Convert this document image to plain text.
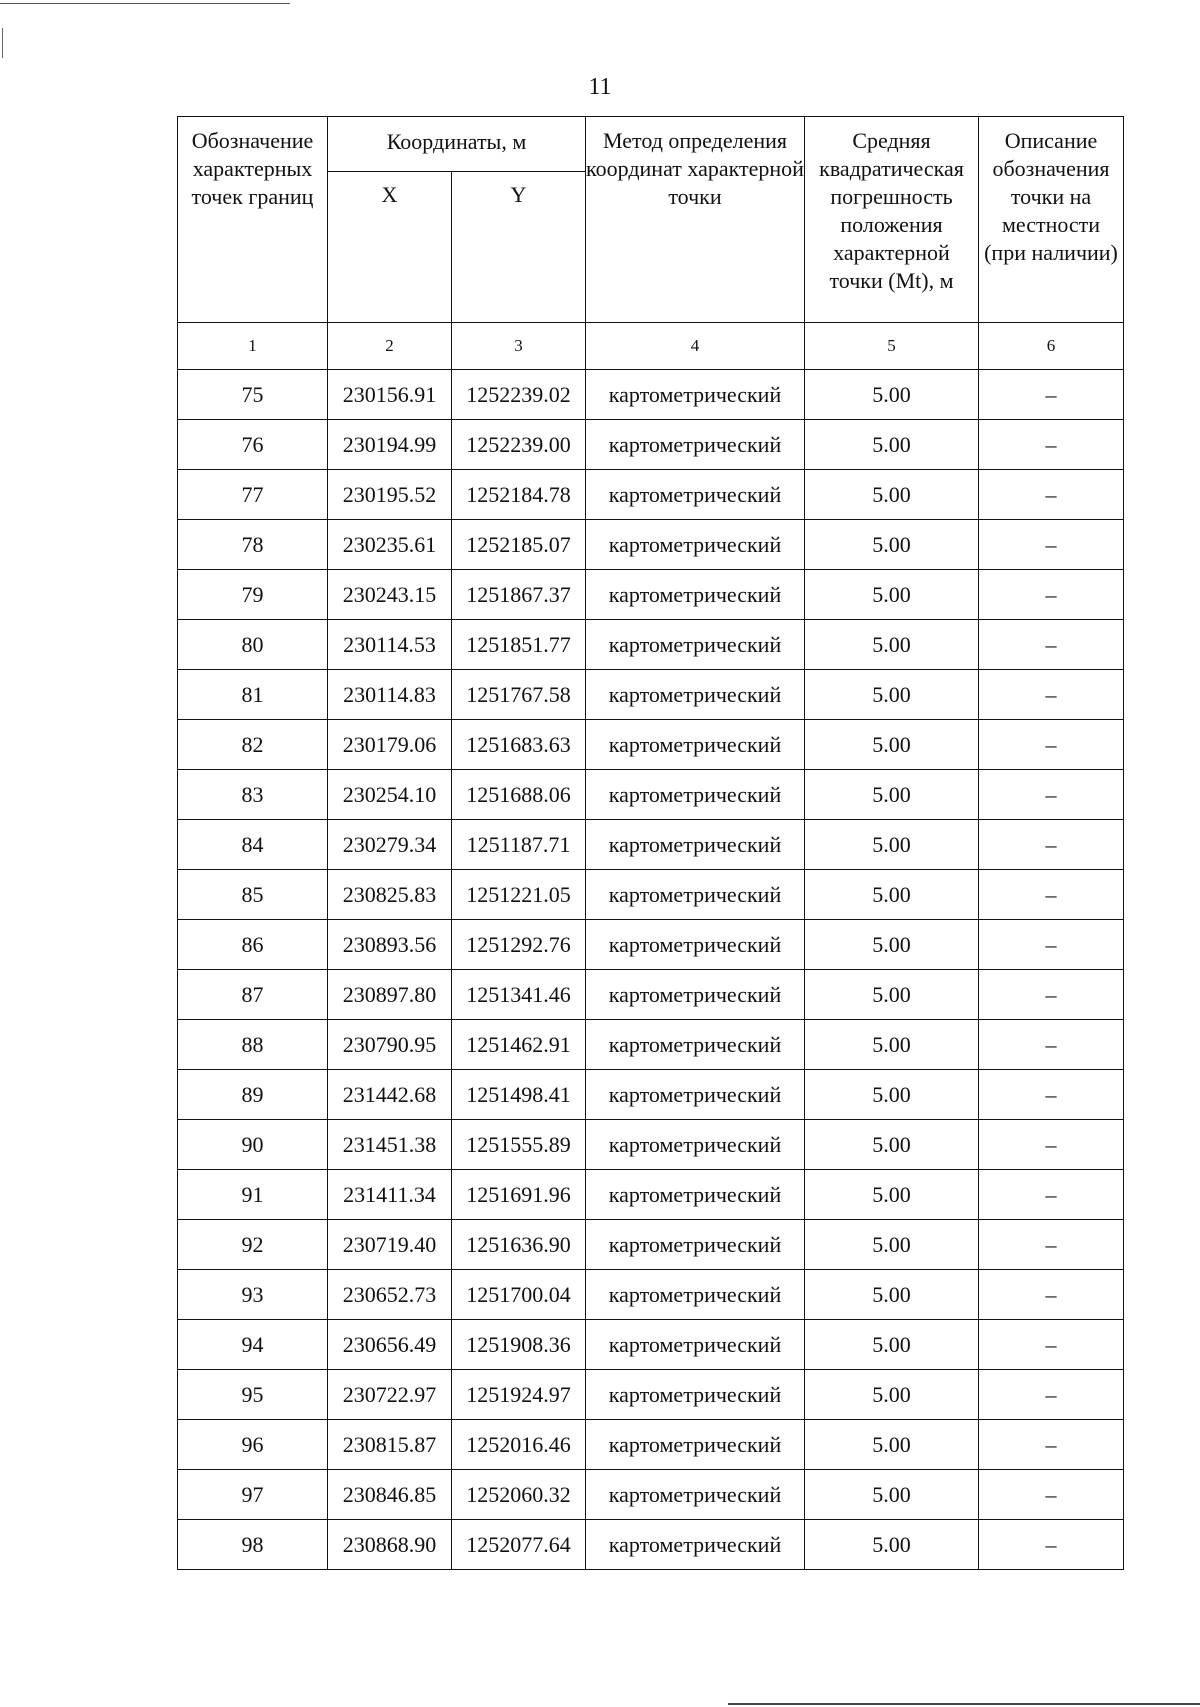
11
Обозначение характерных точек границ	Координаты, м		Метод определения координат характерной точки	Средняя квадратическая погрешность положения характерной точки (Mt), м	Описание обозначения точки на местности (при наличии)
	X	Y			
1	2	3	4	5	6
75	230156.91	1252239.02	картометрический	5.00	–
76	230194.99	1252239.00	картометрический	5.00	–
77	230195.52	1252184.78	картометрический	5.00	–
78	230235.61	1252185.07	картометрический	5.00	–
79	230243.15	1251867.37	картометрический	5.00	–
80	230114.53	1251851.77	картометрический	5.00	–
81	230114.83	1251767.58	картометрический	5.00	–
82	230179.06	1251683.63	картометрический	5.00	–
83	230254.10	1251688.06	картометрический	5.00	–
84	230279.34	1251187.71	картометрический	5.00	–
85	230825.83	1251221.05	картометрический	5.00	–
86	230893.56	1251292.76	картометрический	5.00	–
87	230897.80	1251341.46	картометрический	5.00	–
88	230790.95	1251462.91	картометрический	5.00	–
89	231442.68	1251498.41	картометрический	5.00	–
90	231451.38	1251555.89	картометрический	5.00	–
91	231411.34	1251691.96	картометрический	5.00	–
92	230719.40	1251636.90	картометрический	5.00	–
93	230652.73	1251700.04	картометрический	5.00	–
94	230656.49	1251908.36	картометрический	5.00	–
95	230722.97	1251924.97	картометрический	5.00	–
96	230815.87	1252016.46	картометрический	5.00	–
97	230846.85	1252060.32	картометрический	5.00	–
98	230868.90	1252077.64	картометрический	5.00	–
